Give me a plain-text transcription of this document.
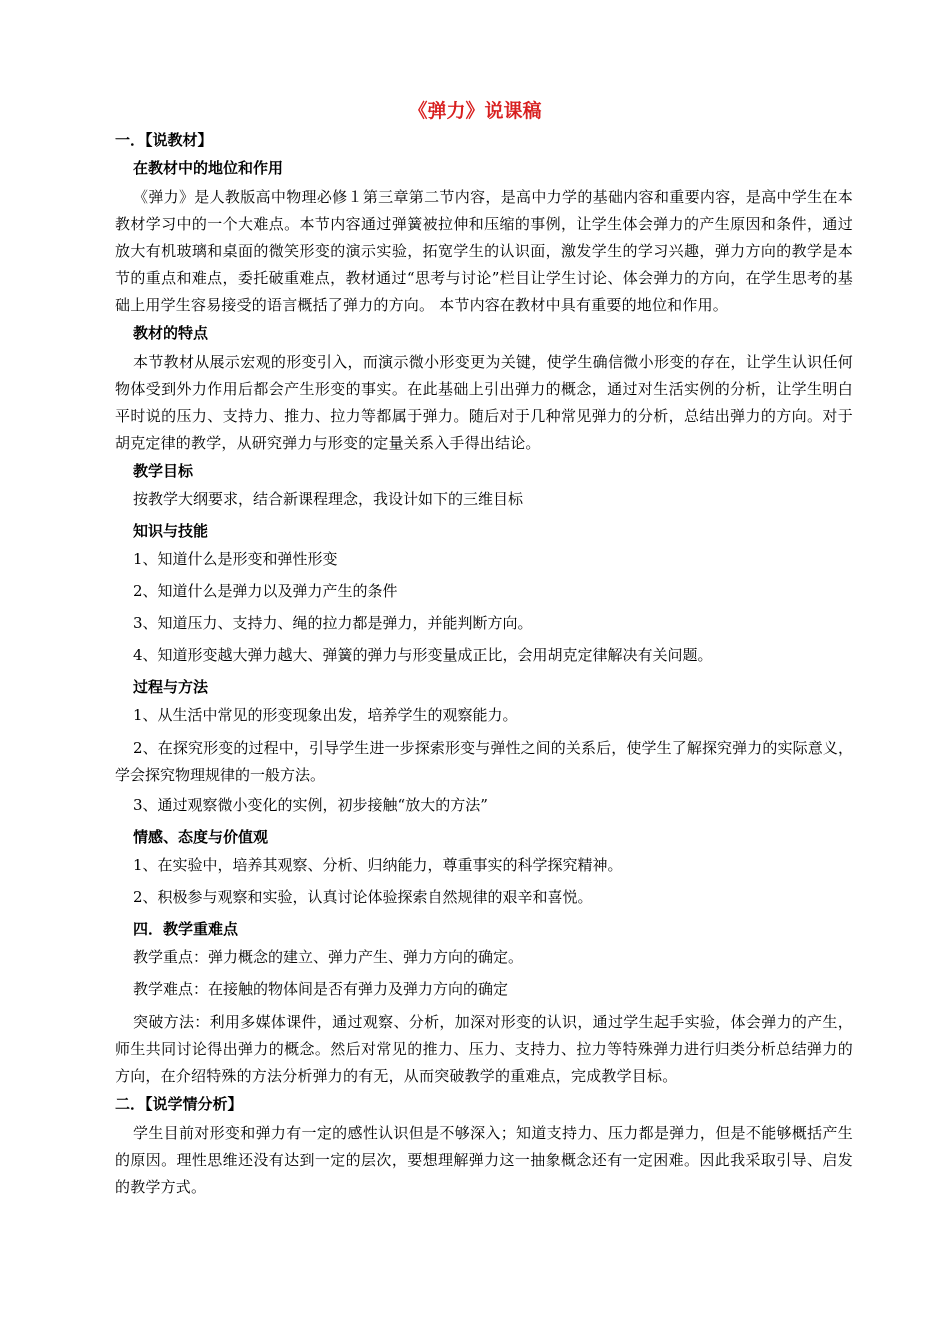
《弹力》说课稿
一．【说教材】
在教材中的地位和作用
《弹力》是人教版高中物理必修１第三章第二节内容，是高中力学的基础内容和重要内容，是高中学生在本教材学习中的一个大难点。本节内容通过弹簧被拉伸和压缩的事例，让学生体会弹力的产生原因和条件，通过放大有机玻璃和桌面的微笑形变的演示实验，拓宽学生的认识面，激发学生的学习兴趣，弹力方向的教学是本节的重点和难点，委托破重难点，教材通过“思考与讨论”栏目让学生讨论、体会弹力的方向，在学生思考的基础上用学生容易接受的语言概括了弹力的方向。 本节内容在教材中具有重要的地位和作用。
教材的特点
本节教材从展示宏观的形变引入，而演示微小形变更为关键，使学生确信微小形变的存在，让学生认识任何物体受到外力作用后都会产生形变的事实。在此基础上引出弹力的概念，通过对生活实例的分析，让学生明白平时说的压力、支持力、推力、拉力等都属于弹力。随后对于几种常见弹力的分析，总结出弹力的方向。对于胡克定律的教学，从研究弹力与形变的定量关系入手得出结论。
教学目标
按教学大纲要求，结合新课程理念，我设计如下的三维目标
知识与技能
1、知道什么是形变和弹性形变
2、知道什么是弹力以及弹力产生的条件
3、知道压力、支持力、绳的拉力都是弹力，并能判断方向。
4、知道形变越大弹力越大、弹簧的弹力与形变量成正比，会用胡克定律解决有关问题。
过程与方法
1、从生活中常见的形变现象出发，培养学生的观察能力。
2、在探究形变的过程中，引导学生进一步探索形变与弹性之间的关系后，使学生了解探究弹力的实际意义，学会探究物理规律的一般方法。
3、通过观察微小变化的实例，初步接触“放大的方法”
情感、态度与价值观
1、在实验中，培养其观察、分析、归纳能力，尊重事实的科学探究精神。
2、积极参与观察和实验，认真讨论体验探索自然规律的艰辛和喜悦。
四．教学重难点
教学重点：弹力概念的建立、弹力产生、弹力方向的确定。
教学难点：在接触的物体间是否有弹力及弹力方向的确定
突破方法：利用多媒体课件，通过观察、分析，加深对形变的认识，通过学生起手实验，体会弹力的产生，师生共同讨论得出弹力的概念。然后对常见的推力、压力、支持力、拉力等特殊弹力进行归类分析总结弹力的方向，在介绍特殊的方法分析弹力的有无，从而突破教学的重难点，完成教学目标。
二．【说学情分析】
学生目前对形变和弹力有一定的感性认识但是不够深入；知道支持力、压力都是弹力，但是不能够概括产生的原因。理性思维还没有达到一定的层次，要想理解弹力这一抽象概念还有一定困难。因此我采取引导、启发的教学方式。
